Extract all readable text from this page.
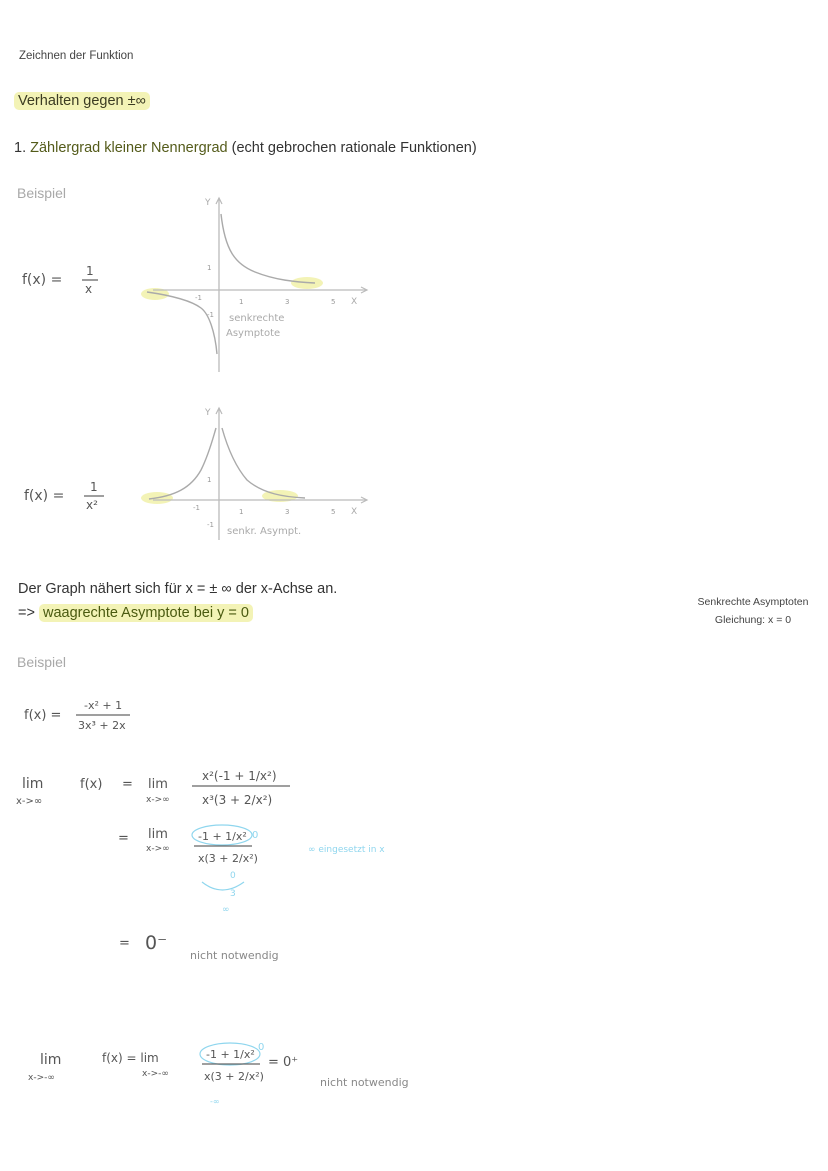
Zeichnen der Funktion
Verhalten gegen ±∞
1. Zählergrad kleiner Nennergrad (echt gebrochen rationale Funktionen)
Beispiel
f(x) =
1
x
Y
X
-1	1	3	5
1
-1 senkrechte
Asymptote
f(x) =
1
x²
Y
X
-1	1	3	5
1
-1
senkr. Asympt.
Der Graph nähert sich für x = ± ∞ der x-Achse an.
=> waagrechte Asymptote bei y = 0
Senkrechte Asymptoten
Gleichung: x = 0
Beispiel
f(x) =
-x² + 1
3x³ + 2x
lim
x->∞
f(x) = lim
x->∞
x²(-1 + 1/x²)
x³(3 + 2/x²)
= lim
x->∞
-1 + 1/x² 0
x(3 + 2/x²)
0
3
∞
∞ eingesetzt in x
= 0⁻
nicht notwendig
lim
x->-∞
f(x) = lim
x->-∞
-1 + 1/x²
0
x(3 + 2/x²)
-∞
= 0⁺
nicht notwendig
